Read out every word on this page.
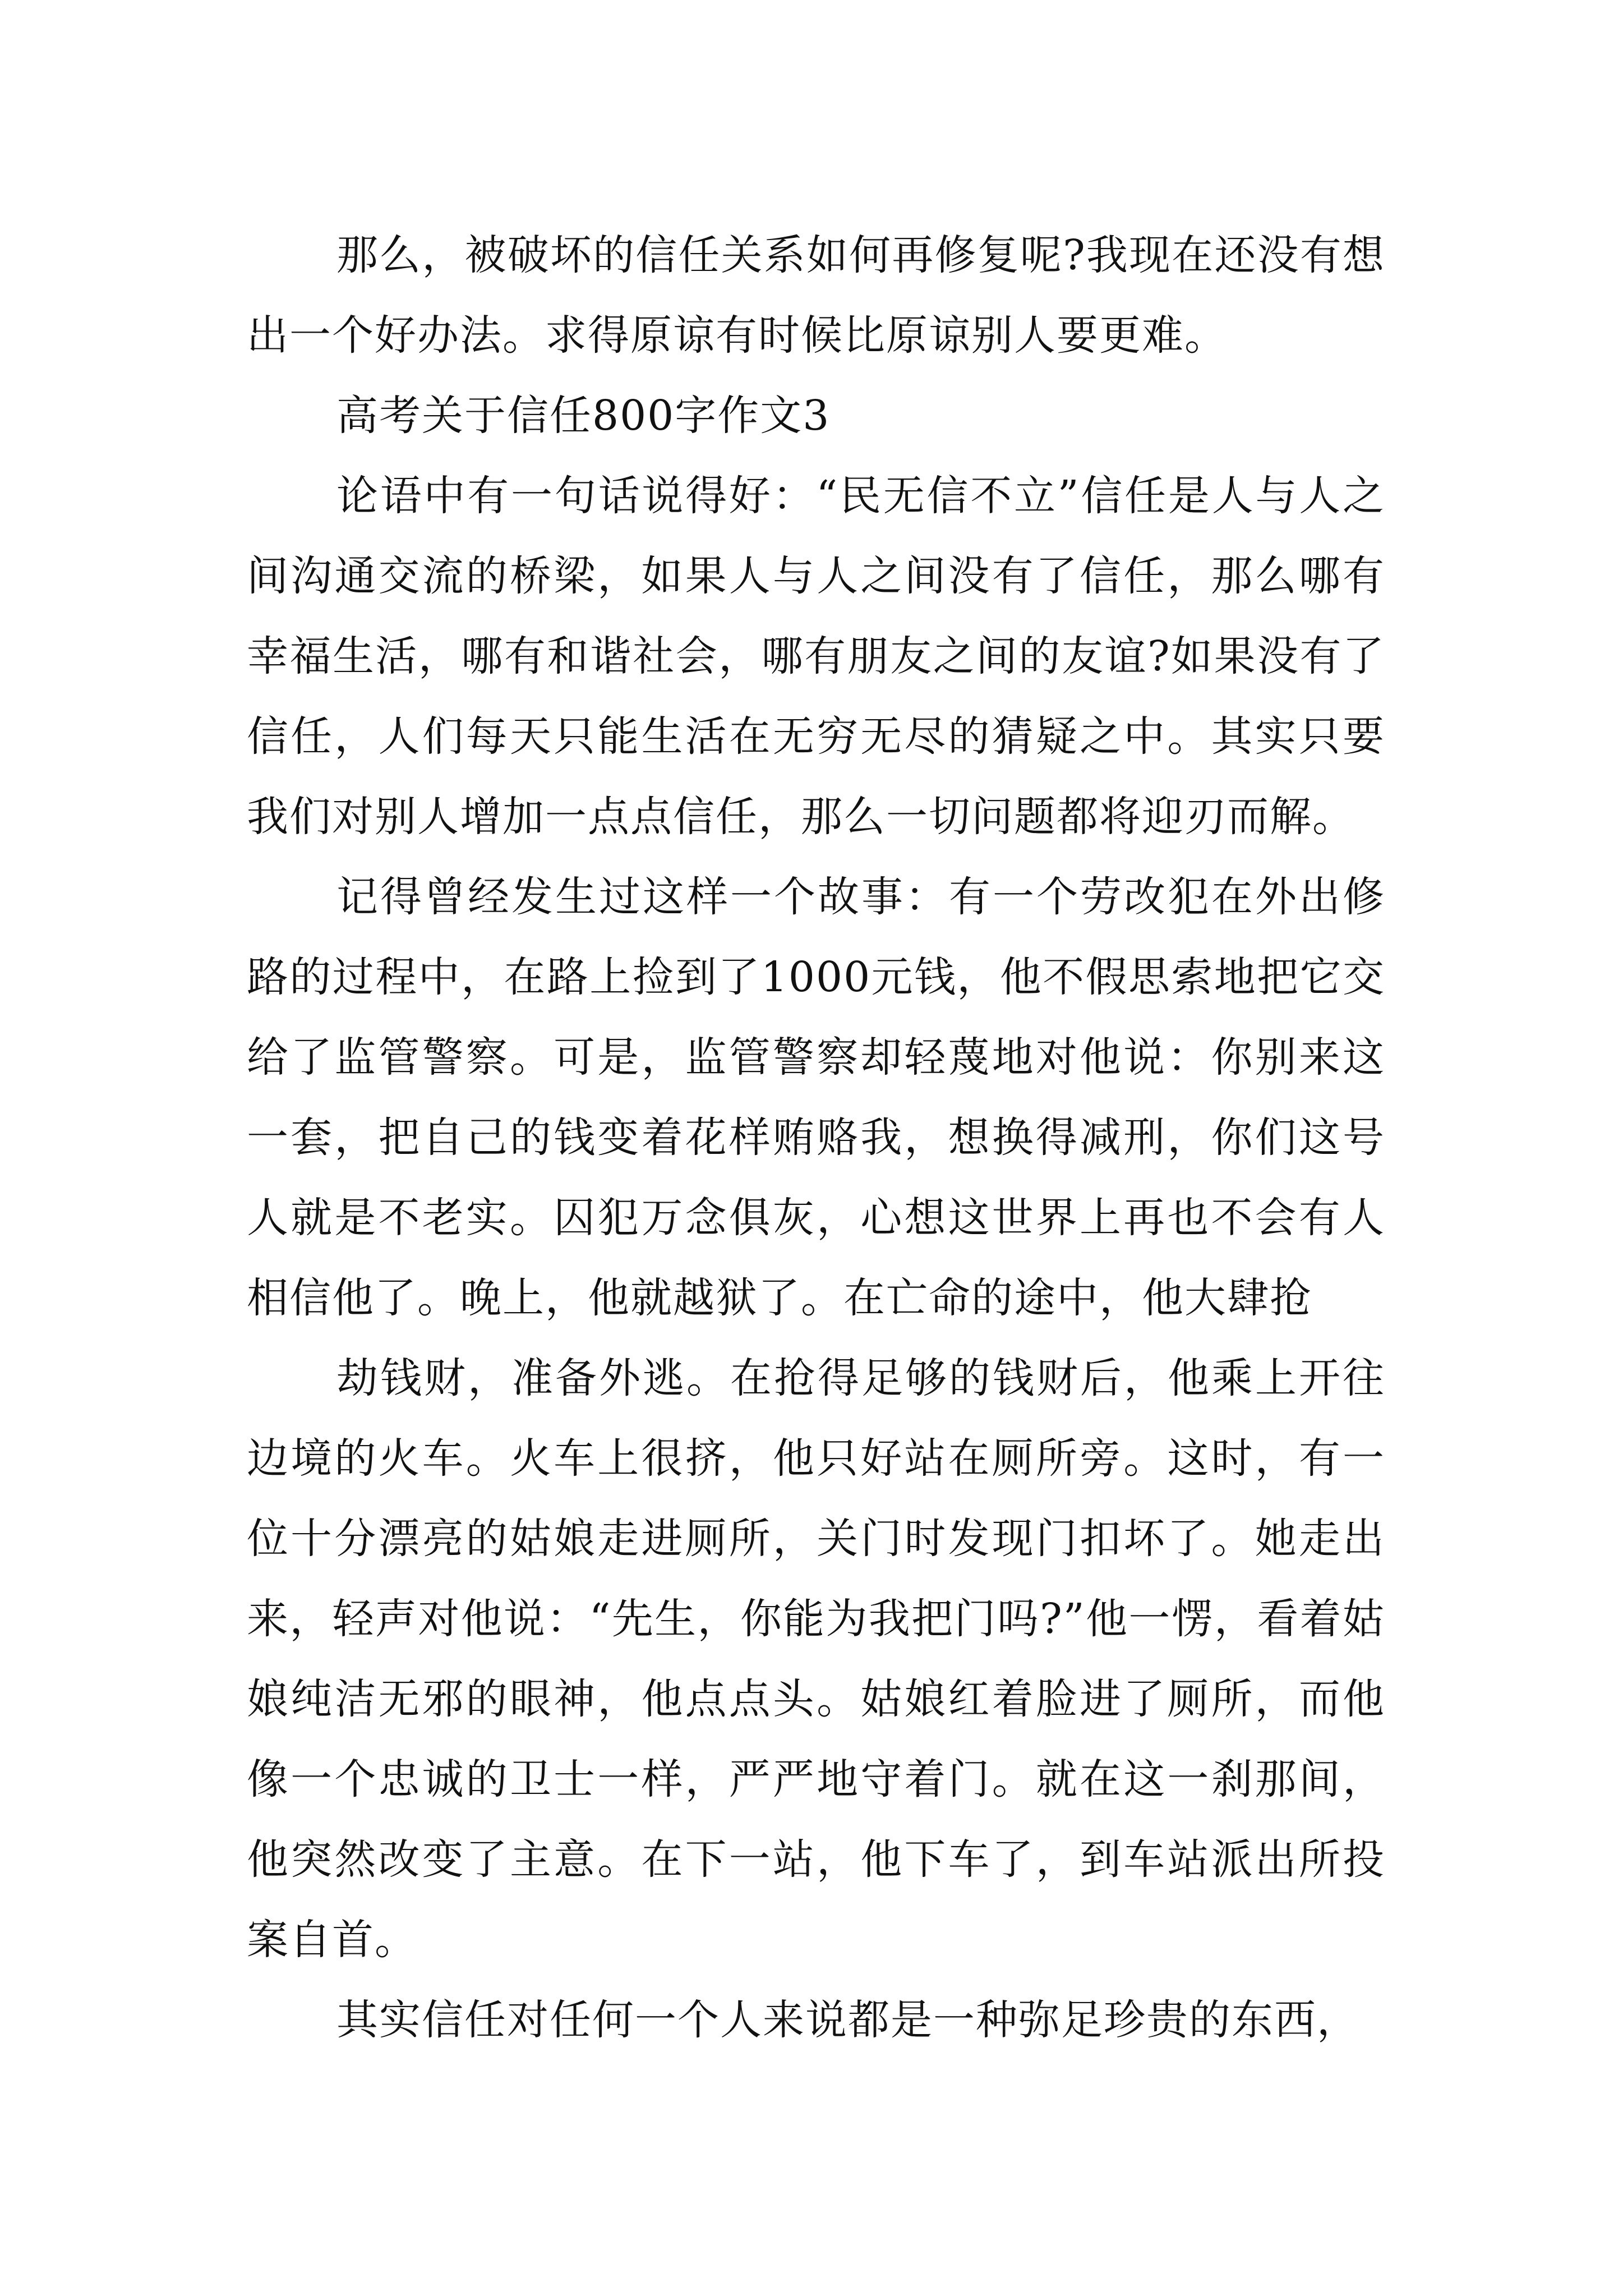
那么，被破坏的信任关系如何再修复呢?我现在还没有想出一个好办法。求得原谅有时候比原谅别人要更难。

高考关于信任800字作文3

论语中有一句话说得好：“民无信不立”信任是人与人之间沟通交流的桥梁，如果人与人之间没有了信任，那么哪有幸福生活，哪有和谐社会，哪有朋友之间的友谊?如果没有了信任，人们每天只能生活在无穷无尽的猜疑之中。其实只要我们对别人增加一点点信任，那么一切问题都将迎刃而解。

记得曾经发生过这样一个故事：有一个劳改犯在外出修路的过程中，在路上捡到了1000元钱，他不假思索地把它交给了监管警察。可是，监管警察却轻蔑地对他说：你别来这一套，把自己的钱变着花样贿赂我，想换得减刑，你们这号人就是不老实。囚犯万念俱灰，心想这世界上再也不会有人相信他了。晚上，他就越狱了。在亡命的途中，他大肆抢

劫钱财，准备外逃。在抢得足够的钱财后，他乘上开往边境的火车。火车上很挤，他只好站在厕所旁。这时，有一位十分漂亮的姑娘走进厕所，关门时发现门扣坏了。她走出来，轻声对他说：“先生，你能为我把门吗?”他一愣，看着姑娘纯洁无邪的眼神，他点点头。姑娘红着脸进了厕所，而他像一个忠诚的卫士一样，严严地守着门。就在这一刹那间，他突然改变了主意。在下一站，他下车了，到车站派出所投案自首。

其实信任对任何一个人来说都是一种弥足珍贵的东西，
